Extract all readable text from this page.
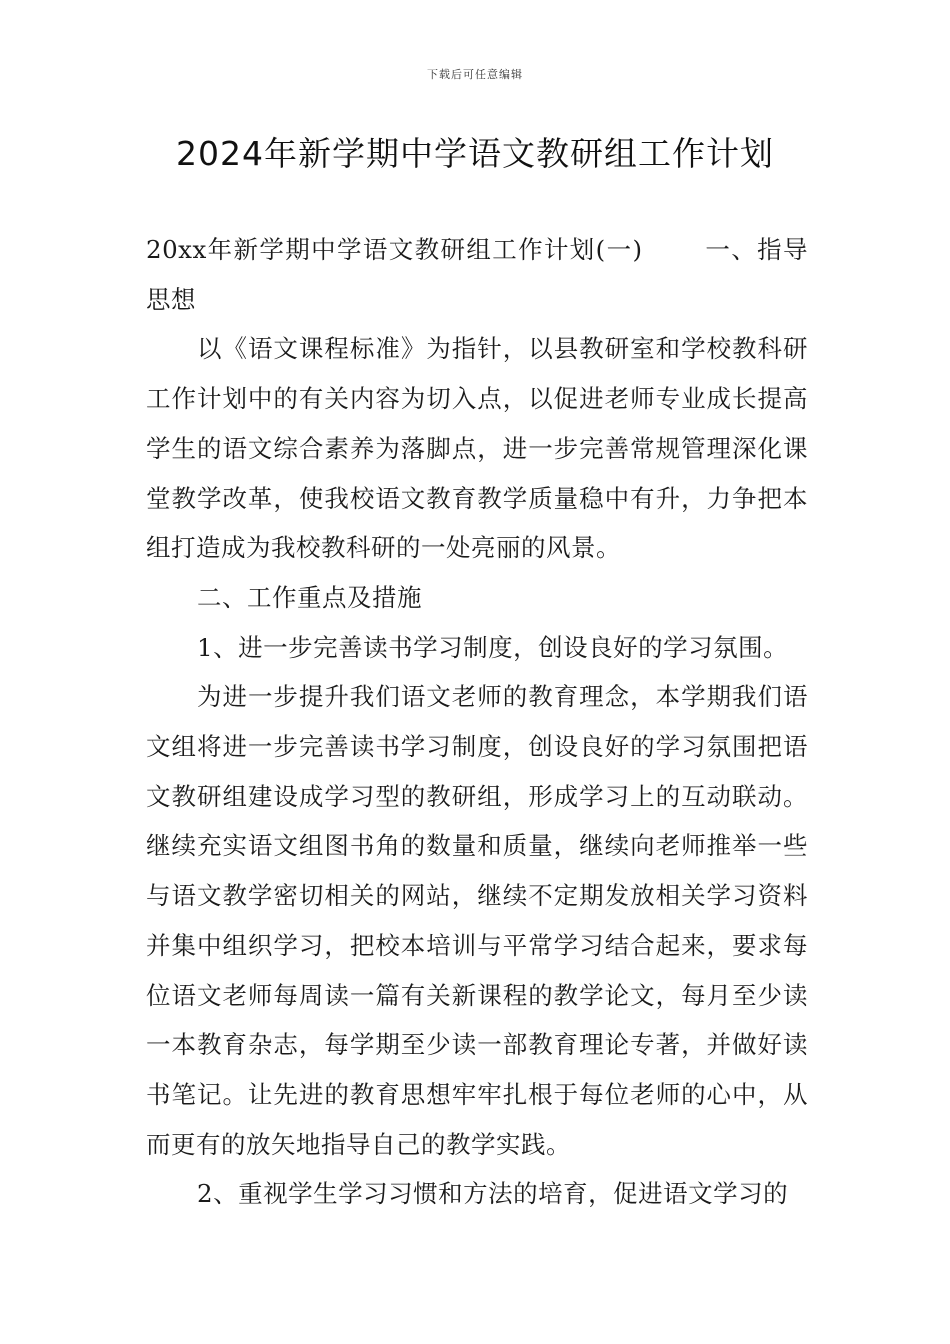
下载后可任意编辑
2024年新学期中学语文教研组工作计划

20xx年新学期中学语文教研组工作计划(一)	一、指导思想

以《语文课程标准》为指针，以县教研室和学校教科研工作计划中的有关内容为切入点，以促进老师专业成长提高学生的语文综合素养为落脚点，进一步完善常规管理深化课堂教学改革，使我校语文教育教学质量稳中有升，力争把本组打造成为我校教科研的一处亮丽的风景。

二、工作重点及措施

1、进一步完善读书学习制度，创设良好的学习氛围。

为进一步提升我们语文老师的教育理念，本学期我们语文组将进一步完善读书学习制度，创设良好的学习氛围把语文教研组建设成学习型的教研组，形成学习上的互动联动。继续充实语文组图书角的数量和质量，继续向老师推举一些与语文教学密切相关的网站，继续不定期发放相关学习资料并集中组织学习，把校本培训与平常学习结合起来，要求每位语文老师每周读一篇有关新课程的教学论文，每月至少读一本教育杂志，每学期至少读一部教育理论专著，并做好读书笔记。让先进的教育思想牢牢扎根于每位老师的心中，从而更有的放矢地指导自己的教学实践。

2、重视学生学习习惯和方法的培育，促进语文学习的
